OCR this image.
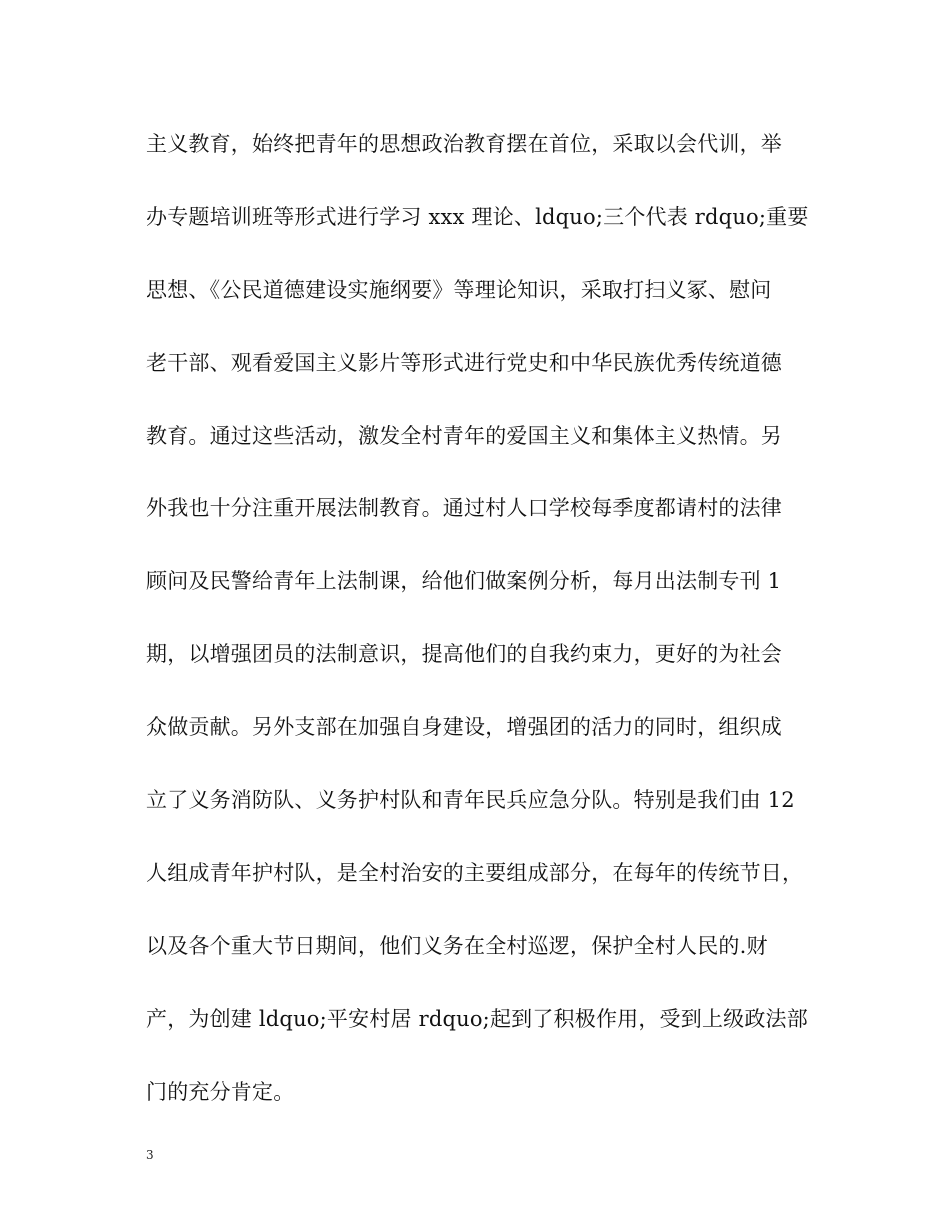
主义教育，始终把青年的思想政治教育摆在首位，采取以会代训，举
办专题培训班等形式进行学习 xxx 理论、ldquo;三个代表 rdquo;重要
思想、《公民道德建设实施纲要》等理论知识，采取打扫义冢、慰问
老干部、观看爱国主义影片等形式进行党史和中华民族优秀传统道德
教育。通过这些活动，激发全村青年的爱国主义和集体主义热情。另
外我也十分注重开展法制教育。通过村人口学校每季度都请村的法律
顾问及民警给青年上法制课，给他们做案例分析，每月出法制专刊 1
期，以增强团员的法制意识，提高他们的自我约束力，更好的为社会
众做贡献。另外支部在加强自身建设，增强团的活力的同时，组织成
立了义务消防队、义务护村队和青年民兵应急分队。特别是我们由 12
人组成青年护村队，是全村治安的主要组成部分，在每年的传统节日，
以及各个重大节日期间，他们义务在全村巡逻，保护全村人民的.财
产，为创建 ldquo;平安村居 rdquo;起到了积极作用，受到上级政法部
门的充分肯定。
3
